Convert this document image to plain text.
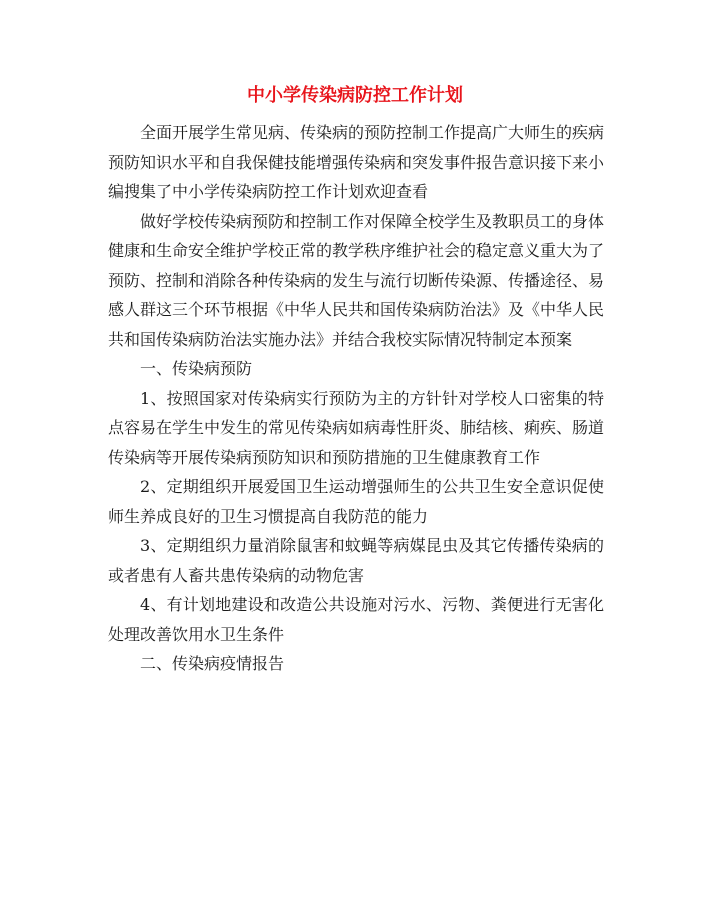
中小学传染病防控工作计划

全面开展学生常见病、传染病的预防控制工作提高广大师生的疾病预防知识水平和自我保健技能增强传染病和突发事件报告意识接下来小编搜集了中小学传染病防控工作计划欢迎查看

做好学校传染病预防和控制工作对保障全校学生及教职员工的身体健康和生命安全维护学校正常的教学秩序维护社会的稳定意义重大为了预防、控制和消除各种传染病的发生与流行切断传染源、传播途径、易感人群这三个环节根据《中华人民共和国传染病防治法》及《中华人民共和国传染病防治法实施办法》并结合我校实际情况特制定本预案

一、传染病预防

1、按照国家对传染病实行预防为主的方针针对学校人口密集的特点容易在学生中发生的常见传染病如病毒性肝炎、肺结核、痢疾、肠道传染病等开展传染病预防知识和预防措施的卫生健康教育工作

2、定期组织开展爱国卫生运动增强师生的公共卫生安全意识促使师生养成良好的卫生习惯提高自我防范的能力

3、定期组织力量消除鼠害和蚊蝇等病媒昆虫及其它传播传染病的或者患有人畜共患传染病的动物危害

4、有计划地建设和改造公共设施对污水、污物、粪便进行无害化处理改善饮用水卫生条件

二、传染病疫情报告
